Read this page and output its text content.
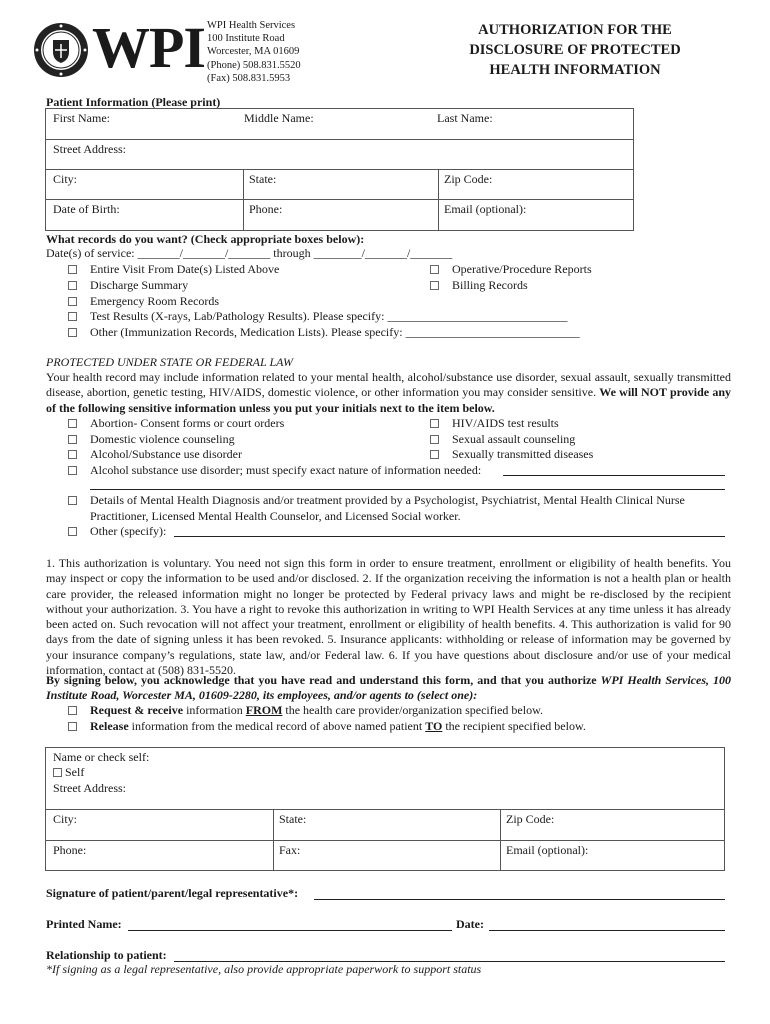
WPI WPI Health Services
100 Institute Road
Worcester, MA 01609
(Phone) 508.831.5520
(Fax) 508.831.5953
AUTHORIZATION FOR THE
DISCLOSURE OF PROTECTED
HEALTH INFORMATION
Patient Information (Please print)
First Name:	Middle Name:	Last Name:
Street Address:
City:	State:	Zip Code:
Date of Birth:	Phone:	Email (optional):
What records do you want? (Check appropriate boxes below):
Date(s) of service: _______/_______/_______ through ________/_______/_______
Entire Visit From Date(s) Listed Above
Discharge Summary
Emergency Room Records
Test Results (X-rays, Lab/Pathology Results). Please specify: ______________________________
Other (Immunization Records, Medication Lists). Please specify: _____________________________
Operative/Procedure Reports
Billing Records
PROTECTED UNDER STATE OR FEDERAL LAW
Your health record may include information related to your mental health, alcohol/substance use disorder, sexual assault, sexually transmitted disease, abortion, genetic testing, HIV/AIDS, domestic violence, or other information you may consider sensitive. We will NOT provide any of the following sensitive information unless you put your initials next to the item below.
Abortion- Consent forms or court orders
Domestic violence counseling
Alcohol/Substance use disorder
HIV/AIDS test results
Sexual assault counseling
Sexually transmitted diseases
Alcohol substance use disorder; must specify exact nature of information needed:
Details of Mental Health Diagnosis and/or treatment provided by a Psychologist, Psychiatrist, Mental Health Clinical Nurse Practitioner, Licensed Mental Health Counselor, and Licensed Social worker.
Other (specify):
1. This authorization is voluntary. You need not sign this form in order to ensure treatment, enrollment or eligibility of health benefits. You may inspect or copy the information to be used and/or disclosed. 2. If the organization receiving the information is not a health plan or health care provider, the released information might no longer be protected by Federal privacy laws and might be re-disclosed by the recipient without your authorization. 3. You have a right to revoke this authorization in writing to WPI Health Services at any time unless it has already been acted on. Such revocation will not affect your treatment, enrollment or eligibility of health benefits. 4. This authorization is valid for 90 days from the date of signing unless it has been revoked. 5. Insurance applicants: withholding or release of information may be governed by your insurance company’s regulations, state law, and/or Federal law. 6. If you have questions about disclosure and/or use of your medical information, contact at (508) 831-5520.
By signing below, you acknowledge that you have read and understand this form, and that you authorize WPI Health Services, 100 Institute Road, Worcester MA, 01609-2280, its employees, and/or agents to (select one):
Request & receive information FROM the health care provider/organization specified below.
Release information from the medical record of above named patient TO the recipient specified below.
Name or check self:
Self
Street Address:
City:	State:	Zip Code:
Phone:	Fax:	Email (optional):
Signature of patient/parent/legal representative*:
Printed Name:	Date:
Relationship to patient:
*If signing as a legal representative, also provide appropriate paperwork to support status
